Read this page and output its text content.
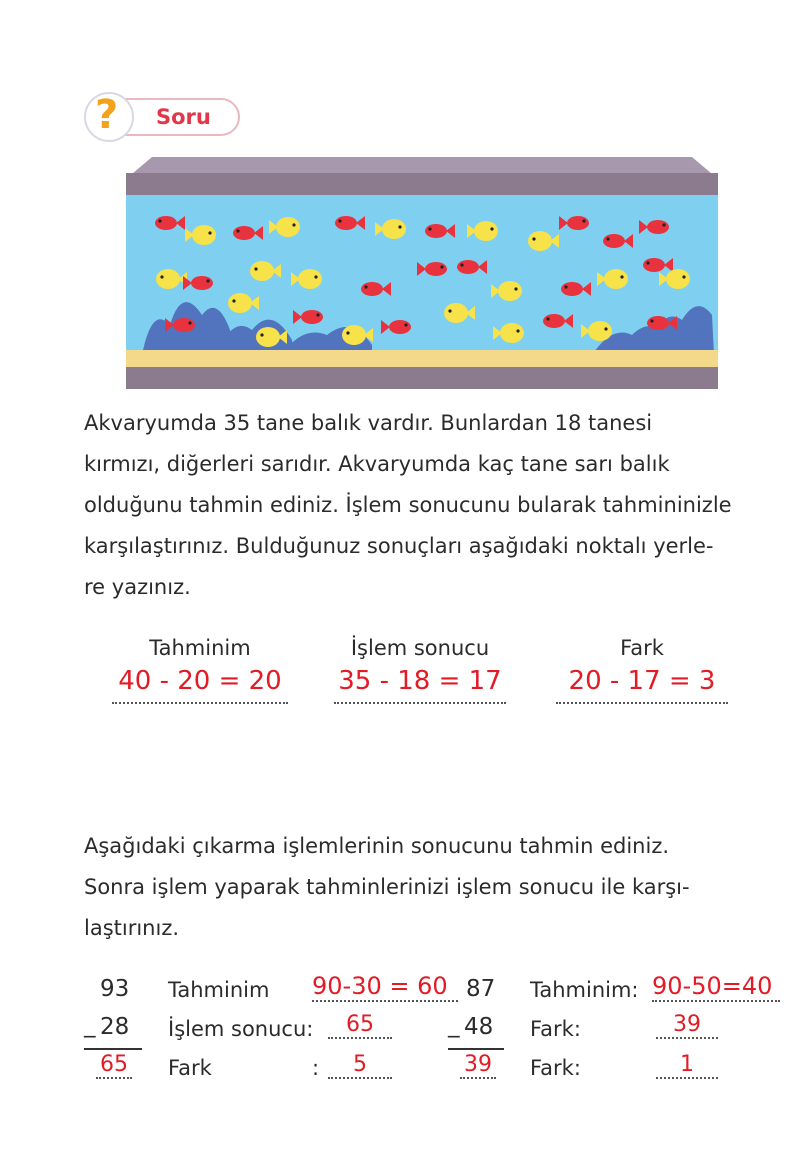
Soru
?
Akvaryumda 35 tane balık vardır. Bunlardan 18 tanesi
kırmızı, diğerleri sarıdır. Akvaryumda kaç tane sarı balık
olduğunu tahmin ediniz. İşlem sonucunu bularak tahmininizle
karşılaştırınız. Bulduğunuz sonuçları aşağıdaki noktalı yerle-
re yazınız.
Tahminim
40 - 20 = 20
İşlem sonucu
35 - 18 = 17
Fark
20 - 17 = 3
Aşağıdaki çıkarma işlemlerinin sonucunu tahmin ediniz.
Sonra işlem yaparak tahminlerinizi işlem sonucu ile karşı-
laştırınız.
93
_ 28
65
Tahminim 90-30 = 60
İşlem sonucu:	65
Fark	:	5
87
_ 48
39
Tahminim: 90-50=40
Fark:	39
Fark:	1
